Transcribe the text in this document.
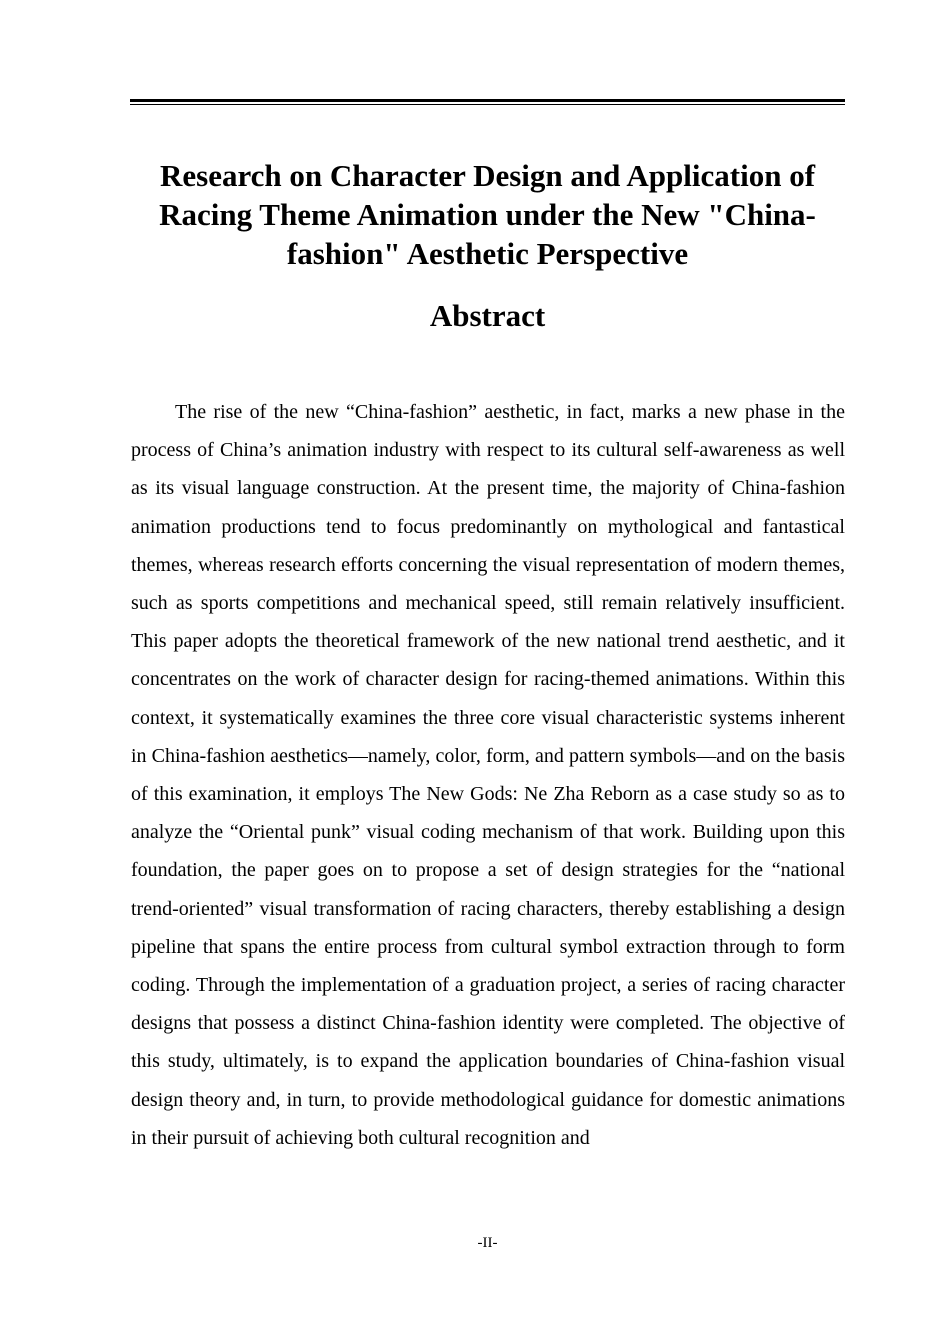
Research on Character Design and Application of Racing Theme Animation under the New "China-fashion" Aesthetic Perspective
Abstract

The rise of the new “China-fashion” aesthetic, in fact, marks a new phase in the process of China’s animation industry with respect to its cultural self-awareness as well as its visual language construction. At the present time, the majority of China-fashion animation productions tend to focus predominantly on mythological and fantastical themes, whereas research efforts concerning the visual representation of modern themes, such as sports competitions and mechanical speed, still remain relatively insufficient. This paper adopts the theoretical framework of the new national trend aesthetic, and it concentrates on the work of character design for racing-themed animations. Within this context, it systematically examines the three core visual characteristic systems inherent in China-fashion aesthetics—namely, color, form, and pattern symbols—and on the basis of this examination, it employs The New Gods: Ne Zha Reborn as a case study so as to analyze the “Oriental punk” visual coding mechanism of that work. Building upon this foundation, the paper goes on to propose a set of design strategies for the “national trend-oriented” visual transformation of racing characters, thereby establishing a design pipeline that spans the entire process from cultural symbol extraction through to form coding. Through the implementation of a graduation project, a series of racing character designs that possess a distinct China-fashion identity were completed. The objective of this study, ultimately, is to expand the application boundaries of China-fashion visual design theory and, in turn, to provide methodological guidance for domestic animations in their pursuit of achieving both cultural recognition and

-II-
